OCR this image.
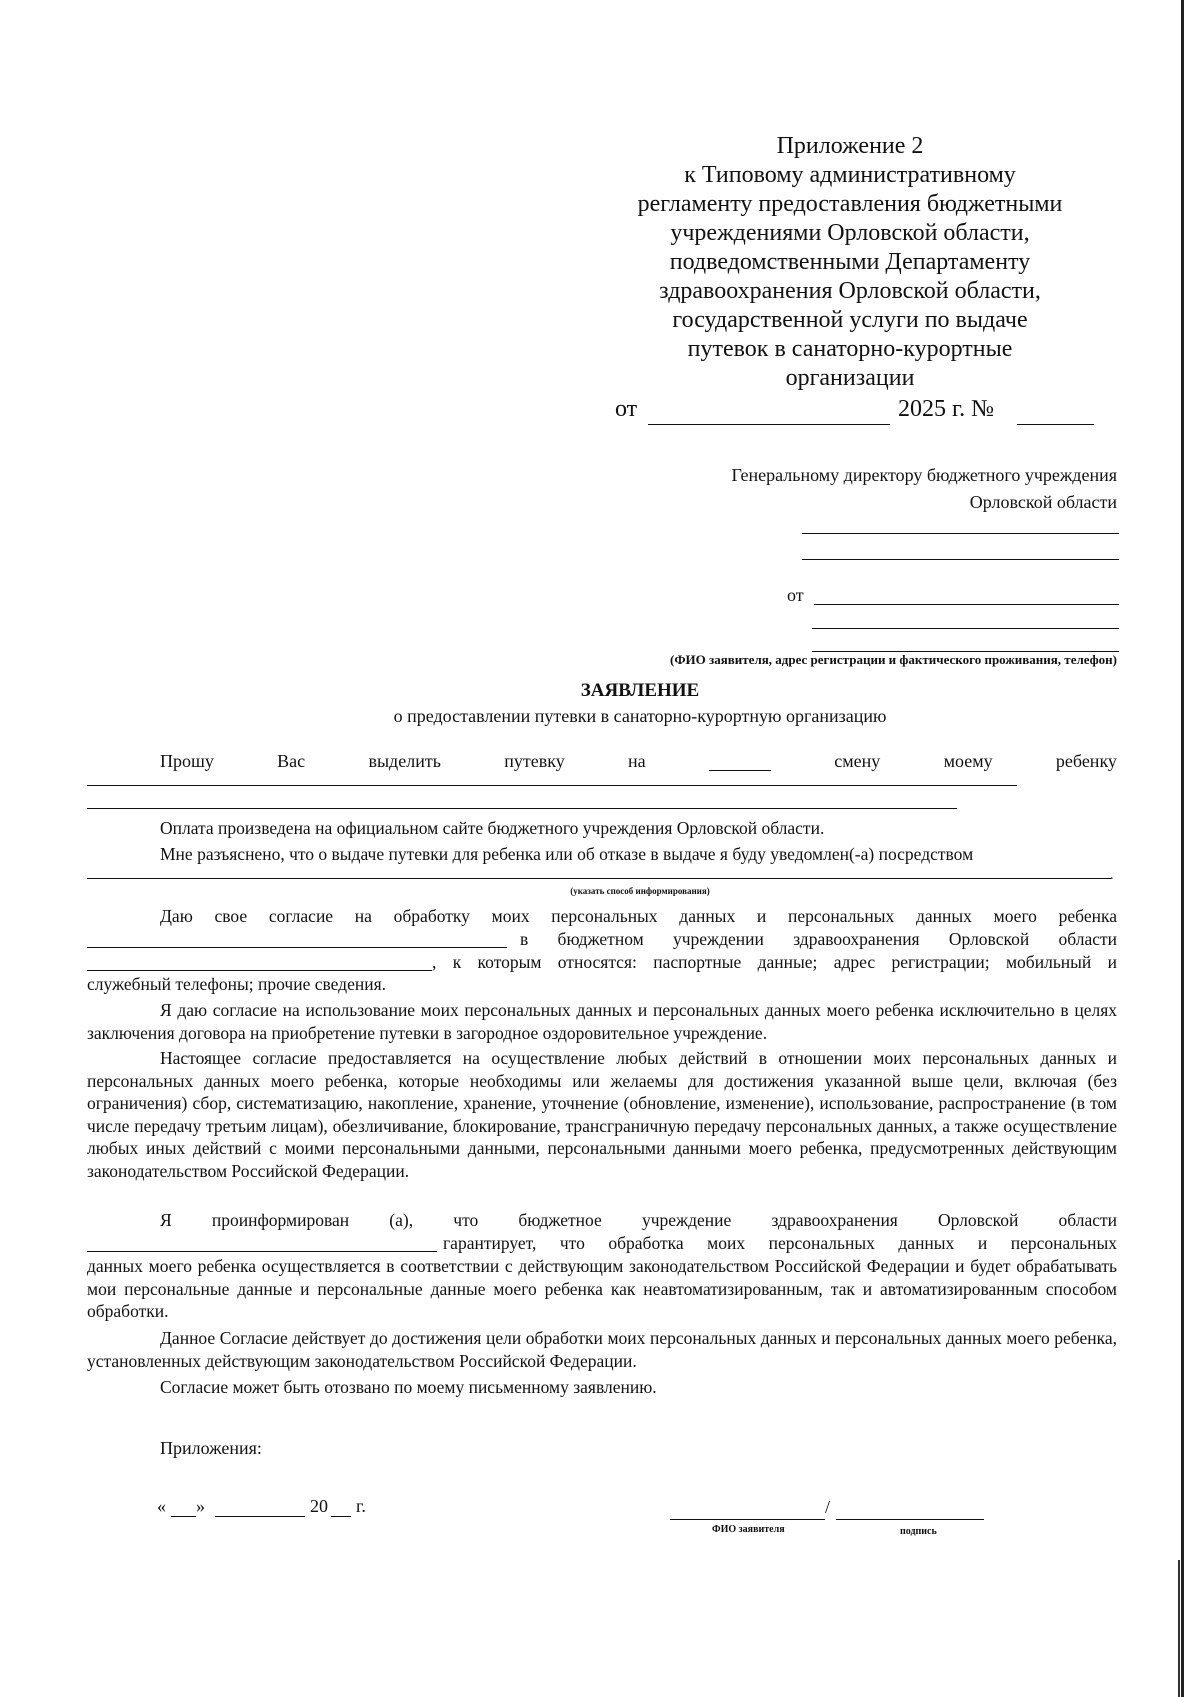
Приложение 2
к Типовому административному
регламенту предоставления бюджетными
учреждениями Орловской области,
подведомственными Департаменту
здравоохранения Орловской области,
государственной услуги по выдаче
путевок в санаторно-курортные
организации
от	2025 г. №
Генеральному директору бюджетного учреждения
Орловской области
от
(ФИО заявителя, адрес регистрации и фактического проживания, телефон)
ЗАЯВЛЕНИЕ
о предоставлении путевки в санаторно-курортную организацию
Прошу	Вас	выделить	путевку	на	смену	моему	ребенку
Оплата произведена на официальном сайте бюджетного учреждения Орловской области.
Мне разъяснено, что о выдаче путевки для ребенка или об отказе в выдаче я буду уведомлен(-а) посредством
.
(указать способ информирования)
Даю свое согласие на обработку моих персональных данных и персональных данных моего ребенка
в бюджетном учреждении здравоохранения Орловской области
, к которым относятся: паспортные данные; адрес регистрации; мобильный и
служебный телефоны; прочие сведения.
Я даю согласие на использование моих персональных данных и персональных данных моего ребенка исключительно в целях заключения договора на приобретение путевки в загородное оздоровительное учреждение.
Настоящее согласие предоставляется на осуществление любых действий в отношении моих персональных данных и персональных данных моего ребенка, которые необходимы или желаемы для достижения указанной выше цели, включая (без ограничения) сбор, систематизацию, накопление, хранение, уточнение (обновление, изменение), использование, распространение (в том числе передачу третьим лицам), обезличивание, блокирование, трансграничную передачу персональных данных, а также осуществление любых иных действий с моими персональными данными, персональными данными моего ребенка, предусмотренных действующим законодательством Российской Федерации.
Я проинформирован (а), что бюджетное учреждение здравоохранения Орловской области
гарантирует, что обработка моих персональных данных и персональных
данных моего ребенка осуществляется в соответствии с действующим законодательством Российской Федерации и будет обрабатывать мои персональные данные и персональные данные моего ребенка как неавтоматизированным, так и автоматизированным способом обработки.
Данное Согласие действует до достижения цели обработки моих персональных данных и персональных данных моего ребенка, установленных действующим законодательством Российской Федерации.
Согласие может быть отозвано по моему письменному заявлению.
Приложения:
« »	20 г.	/
ФИО заявителя	подпись
